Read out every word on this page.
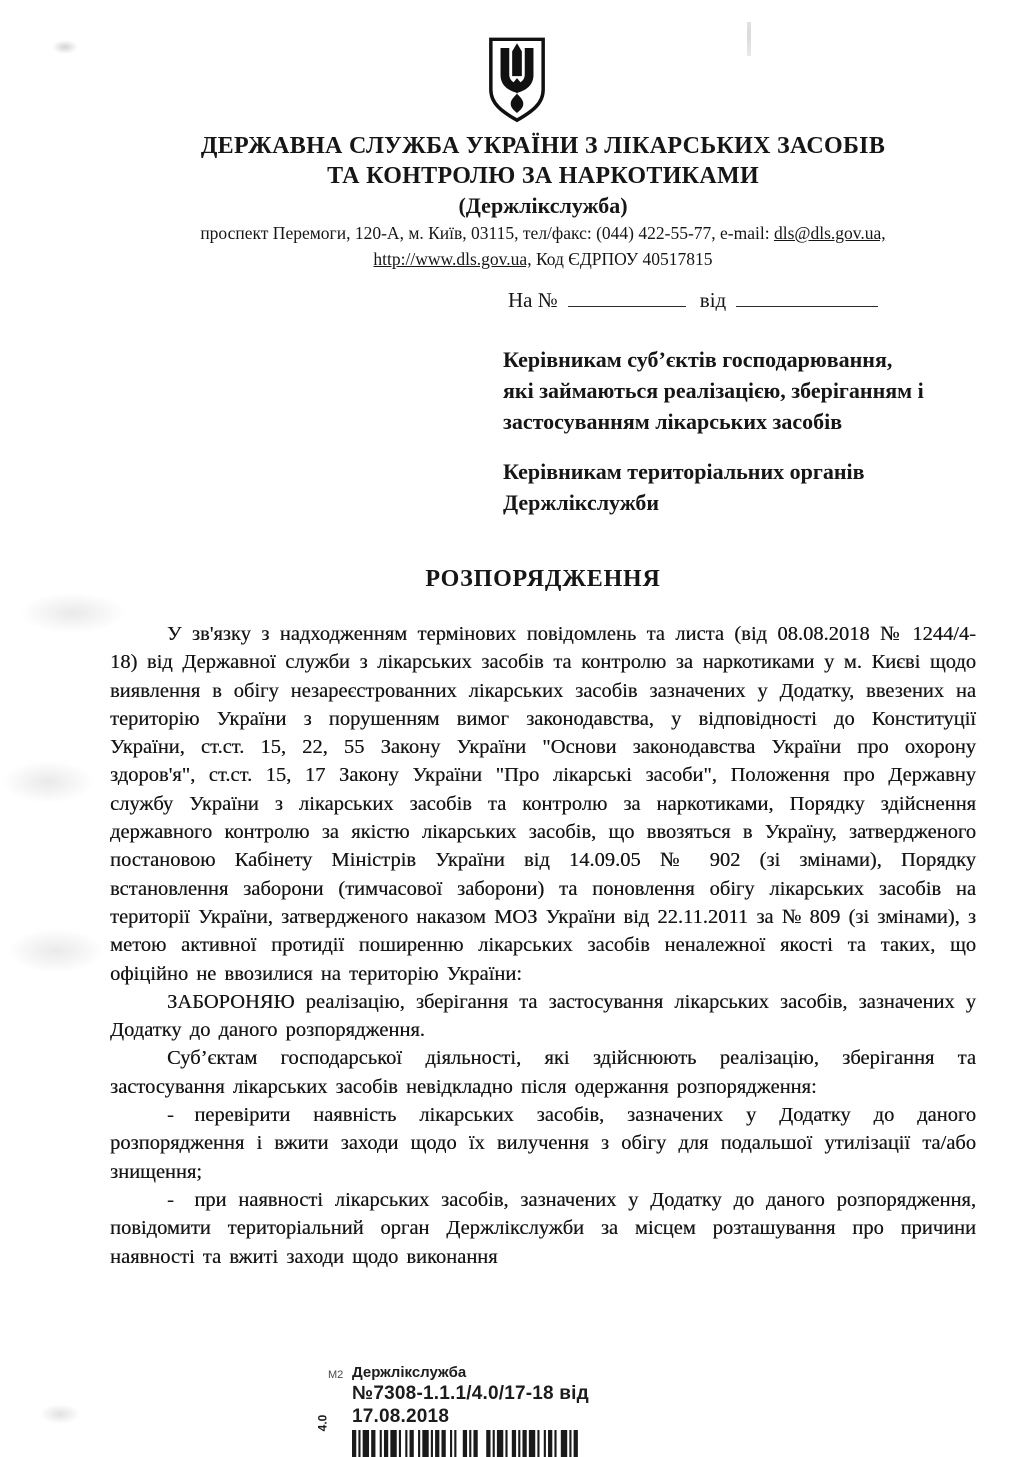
ДЕРЖАВНА СЛУЖБА УКРАЇНИ З ЛІКАРСЬКИХ ЗАСОБІВ
ТА КОНТРОЛЮ ЗА НАРКОТИКАМИ
(Держлікслужба)
проспект Перемоги, 120-А, м. Київ, 03115, тел/факс: (044) 422-55-77, e-mail: dls@dls.gov.ua,
http://www.dls.gov.ua, Код ЄДРПОУ 40517815
На №	від
Керівникам суб’єктів господарювання,
які займаються реалізацією, зберіганням і
застосуванням лікарських засобів
Керівникам територіальних органів
Держлікслужби
РОЗПОРЯДЖЕННЯ

У зв'язку з надходженням термінових повідомлень та листа (від 08.08.2018 № 1244/4-18) від Державної служби з лікарських засобів та контролю за наркотиками у м. Києві щодо виявлення в обігу незареєстрованних лікарських засобів зазначених у Додатку, ввезених на територію України з порушенням вимог законодавства, у відповідності до Конституції України, ст.ст. 15, 22, 55 Закону України "Основи законодавства України про охорону здоров'я", ст.ст. 15, 17 Закону України "Про лікарські засоби", Положення про Державну службу України з лікарських засобів та контролю за наркотиками, Порядку здійснення державного контролю за якістю лікарських засобів, що ввозяться в Україну, затвердженого постановою Кабінету Міністрів України від 14.09.05 № 902 (зі змінами), Порядку встановлення заборони (тимчасової заборони) та поновлення обігу лікарських засобів на території України, затвердженого наказом МОЗ України від 22.11.2011 за № 809 (зі змінами), з метою активної протидії поширенню лікарських засобів неналежної якості та таких, що офіційно не ввозилися на територію України:

ЗАБОРОНЯЮ реалізацію, зберігання та застосування лікарських засобів, зазначених у Додатку до даного розпорядження.

Суб’єктам господарської діяльності, які здійснюють реалізацію, зберігання та застосування лікарських засобів невідкладно після одержання розпорядження:

- перевірити наявність лікарських засобів, зазначених у Додатку до даного розпорядження і вжити заходи щодо їх вилучення з обігу для подальшої утилізації та/або знищення;

- при наявності лікарських засобів, зазначених у Додатку до даного розпорядження, повідомити територіальний орган Держлікслужби за місцем розташування про причини наявності та вжиті заходи щодо виконання

М2 Держлікслужба
№7308-1.1.1/4.0/17-18 від 17.08.2018
4.0
